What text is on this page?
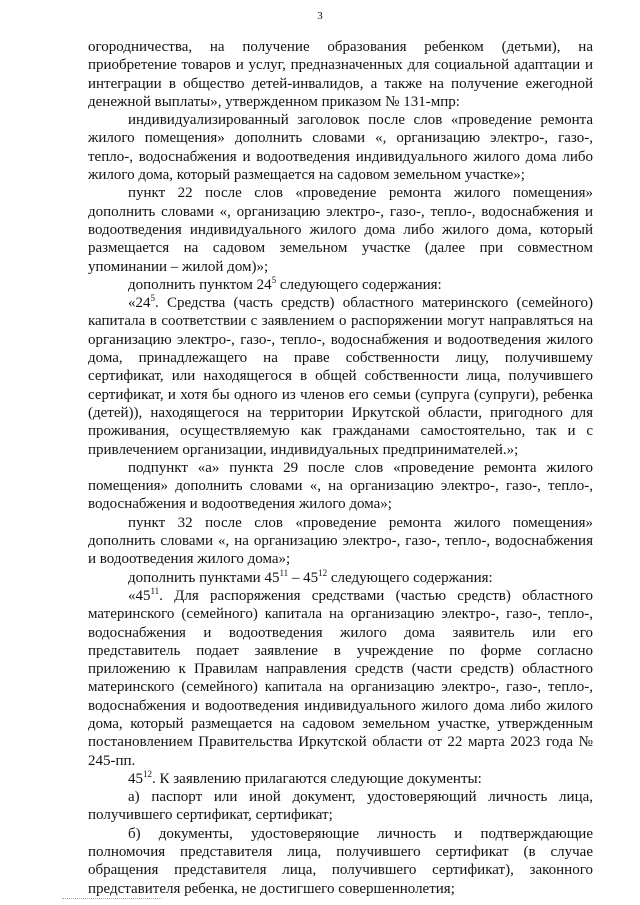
3

огородничества, на получение образования ребенком (детьми), на приобретение товаров и услуг, предназначенных для социальной адаптации и интеграции в общество детей-инвалидов, а также на получение ежегодной денежной выплаты», утвержденном приказом № 131-мпр:

индивидуализированный заголовок после слов «проведение ремонта жилого помещения» дополнить словами «, организацию электро-, газо-, тепло-, водоснабжения и водоотведения индивидуального жилого дома либо жилого дома, который размещается на садовом земельном участке»;

пункт 22 после слов «проведение ремонта жилого помещения» дополнить словами «, организацию электро-, газо-, тепло-, водоснабжения и водоотведения индивидуального жилого дома либо жилого дома, который размещается на садовом земельном участке (далее при совместном упоминании – жилой дом)»;

дополнить пунктом $24^5$ следующего содержания:

«$24^5$. Средства (часть средств) областного материнского (семейного) капитала в соответствии с заявлением о распоряжении могут направляться на организацию электро-, газо-, тепло-, водоснабжения и водоотведения жилого дома, принадлежащего на праве собственности лицу, получившему сертификат, или находящегося в общей собственности лица, получившего сертификат, и хотя бы одного из членов его семьи (супруга (супруги), ребенка (детей)), находящегося на территории Иркутской области, пригодного для проживания, осуществляемую как гражданами самостоятельно, так и с привлечением организации, индивидуальных предпринимателей.»;

подпункт «а» пункта 29 после слов «проведение ремонта жилого помещения» дополнить словами «, на организацию электро-, газо-, тепло-, водоснабжения и водоотведения жилого дома»;

пункт 32 после слов «проведение ремонта жилого помещения» дополнить словами «, на организацию электро-, газо-, тепло-, водоснабжения и водоотведения жилого дома»;

дополнить пунктами $45^{11} - 45^{12}$ следующего содержания:

«$45^{11}$. Для распоряжения средствами (частью средств) областного материнского (семейного) капитала на организацию электро-, газо-, тепло-, водоснабжения и водоотведения жилого дома заявитель или его представитель подает заявление в учреждение по форме согласно приложению к Правилам направления средств (части средств) областного материнского (семейного) капитала на организацию электро-, газо-, тепло-, водоснабжения и водоотведения индивидуального жилого дома либо жилого дома, который размещается на садовом земельном участке, утвержденным постановлением Правительства Иркутской области от 22 марта 2023 года № 245-пп.

$45^{12}$. К заявлению прилагаются следующие документы:

а) паспорт или иной документ, удостоверяющий личность лица, получившего сертификат, сертификат;

б) документы, удостоверяющие личность и подтверждающие полномочия представителя лица, получившего сертификат (в случае обращения представителя лица, получившего сертификат), законного представителя ребенка, не достигшего совершеннолетия;
